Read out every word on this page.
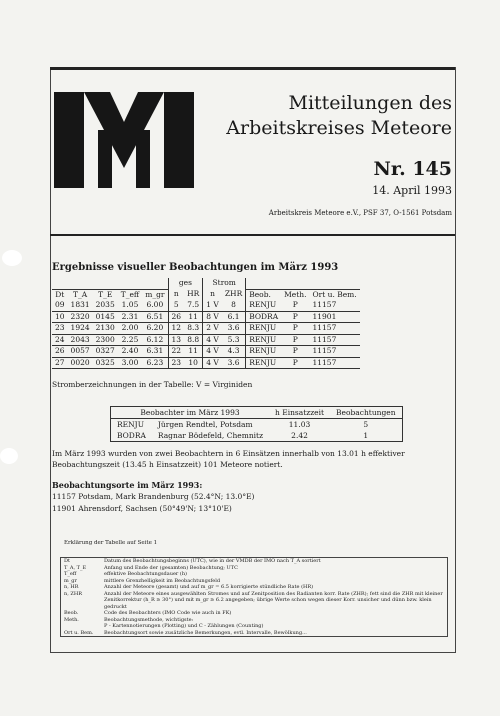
Mitteilungen des
Arbeitskreises Meteore
Nr. 145
14. April 1993
Arbeitskreis Meteore e.V., PSF 37, O-1561 Potsdam
Ergebnisse visueller Beobachtungen im März 1993
					ges		Strom				
Dt	T_A	T_E	T_eff	m_gr	n	HR	n	ZHR	Beob.	Meth.	Ort u. Bem.
09	1831	2035	1.05	6.00	5	7.5	1 V	8	RENJU	P	11157
10	2320	0145	2.31	6.51	26	11	8 V	6.1	BODRA	P	11901
23	1924	2130	2.00	6.20	12	8.3	2 V	3.6	RENJU	P	11157
24	2043	2300	2.25	6.12	13	8.8	4 V	5.3	RENJU	P	11157
26	0057	0327	2.40	6.31	22	11	4 V	4.3	RENJU	P	11157
27	0020	0325	3.00	6.23	23	10	4 V	3.6	RENJU	P	11157
Stromberzeichnungen in der Tabelle: V = Virginiden
Beobachter im März 1993		h Einsatzzeit	Beobachtungen
RENJU	Jürgen Rendtel, Potsdam	11.03	5
BODRA	Ragnar Bödefeld, Chemnitz	2.42	1
Im März 1993 wurden von zwei Beobachtern in 6 Einsätzen innerhalb von 13.01 h effektiver Beobachtungszeit (13.45 h Einsatzzeit) 101 Meteore notiert.
Beobachtungsorte im März 1993:
11157 Potsdam, Mark Brandenburg (52.4°N; 13.0°E)
11901 Ahrensdorf, Sachsen (50°49'N; 13°10'E)
Erklärung der Tabelle auf Seite 1
Dt	Datum des Beobachtungsbeginns (UTC), wie in der VMDB der IMO nach T_A sortiert
T_A, T_E	Anfang und Ende der (gesamten) Beobachtung; UTC
T_eff	effektive Beobachtungsdauer (h)
m_gr	mittlere Grenzhelligkeit im Beobachtungsfeld
n, HR	Anzahl der Meteore (gesamt) und auf m_gr = 6.5 korrigierte stündliche Rate (HR)
n, ZHR	Anzahl der Meteore eines ausgewählten Stromes und auf Zenitposition des Radianten korr. Rate (ZHR); fett sind die ZHR mit kleiner Zenitkorrektur (h_R ≥ 30°) und mit m_gr ≥ 6.2 angegeben; übrige Werte schon wegen dieser Korr. unsicher und dünn bzw. klein gedruckt
Beob.	Code des Beobachters (IMO Code wie auch in FK)
Meth.	Beobachtungsmethode, wichtigste:
	P - Kartennotierungen (Plotting) und C - Zählungen (Counting)
Ort u. Bem.	Beobachtungsort sowie zusätzliche Bemerkungen, evtl. Intervalle, Bewölkung...
